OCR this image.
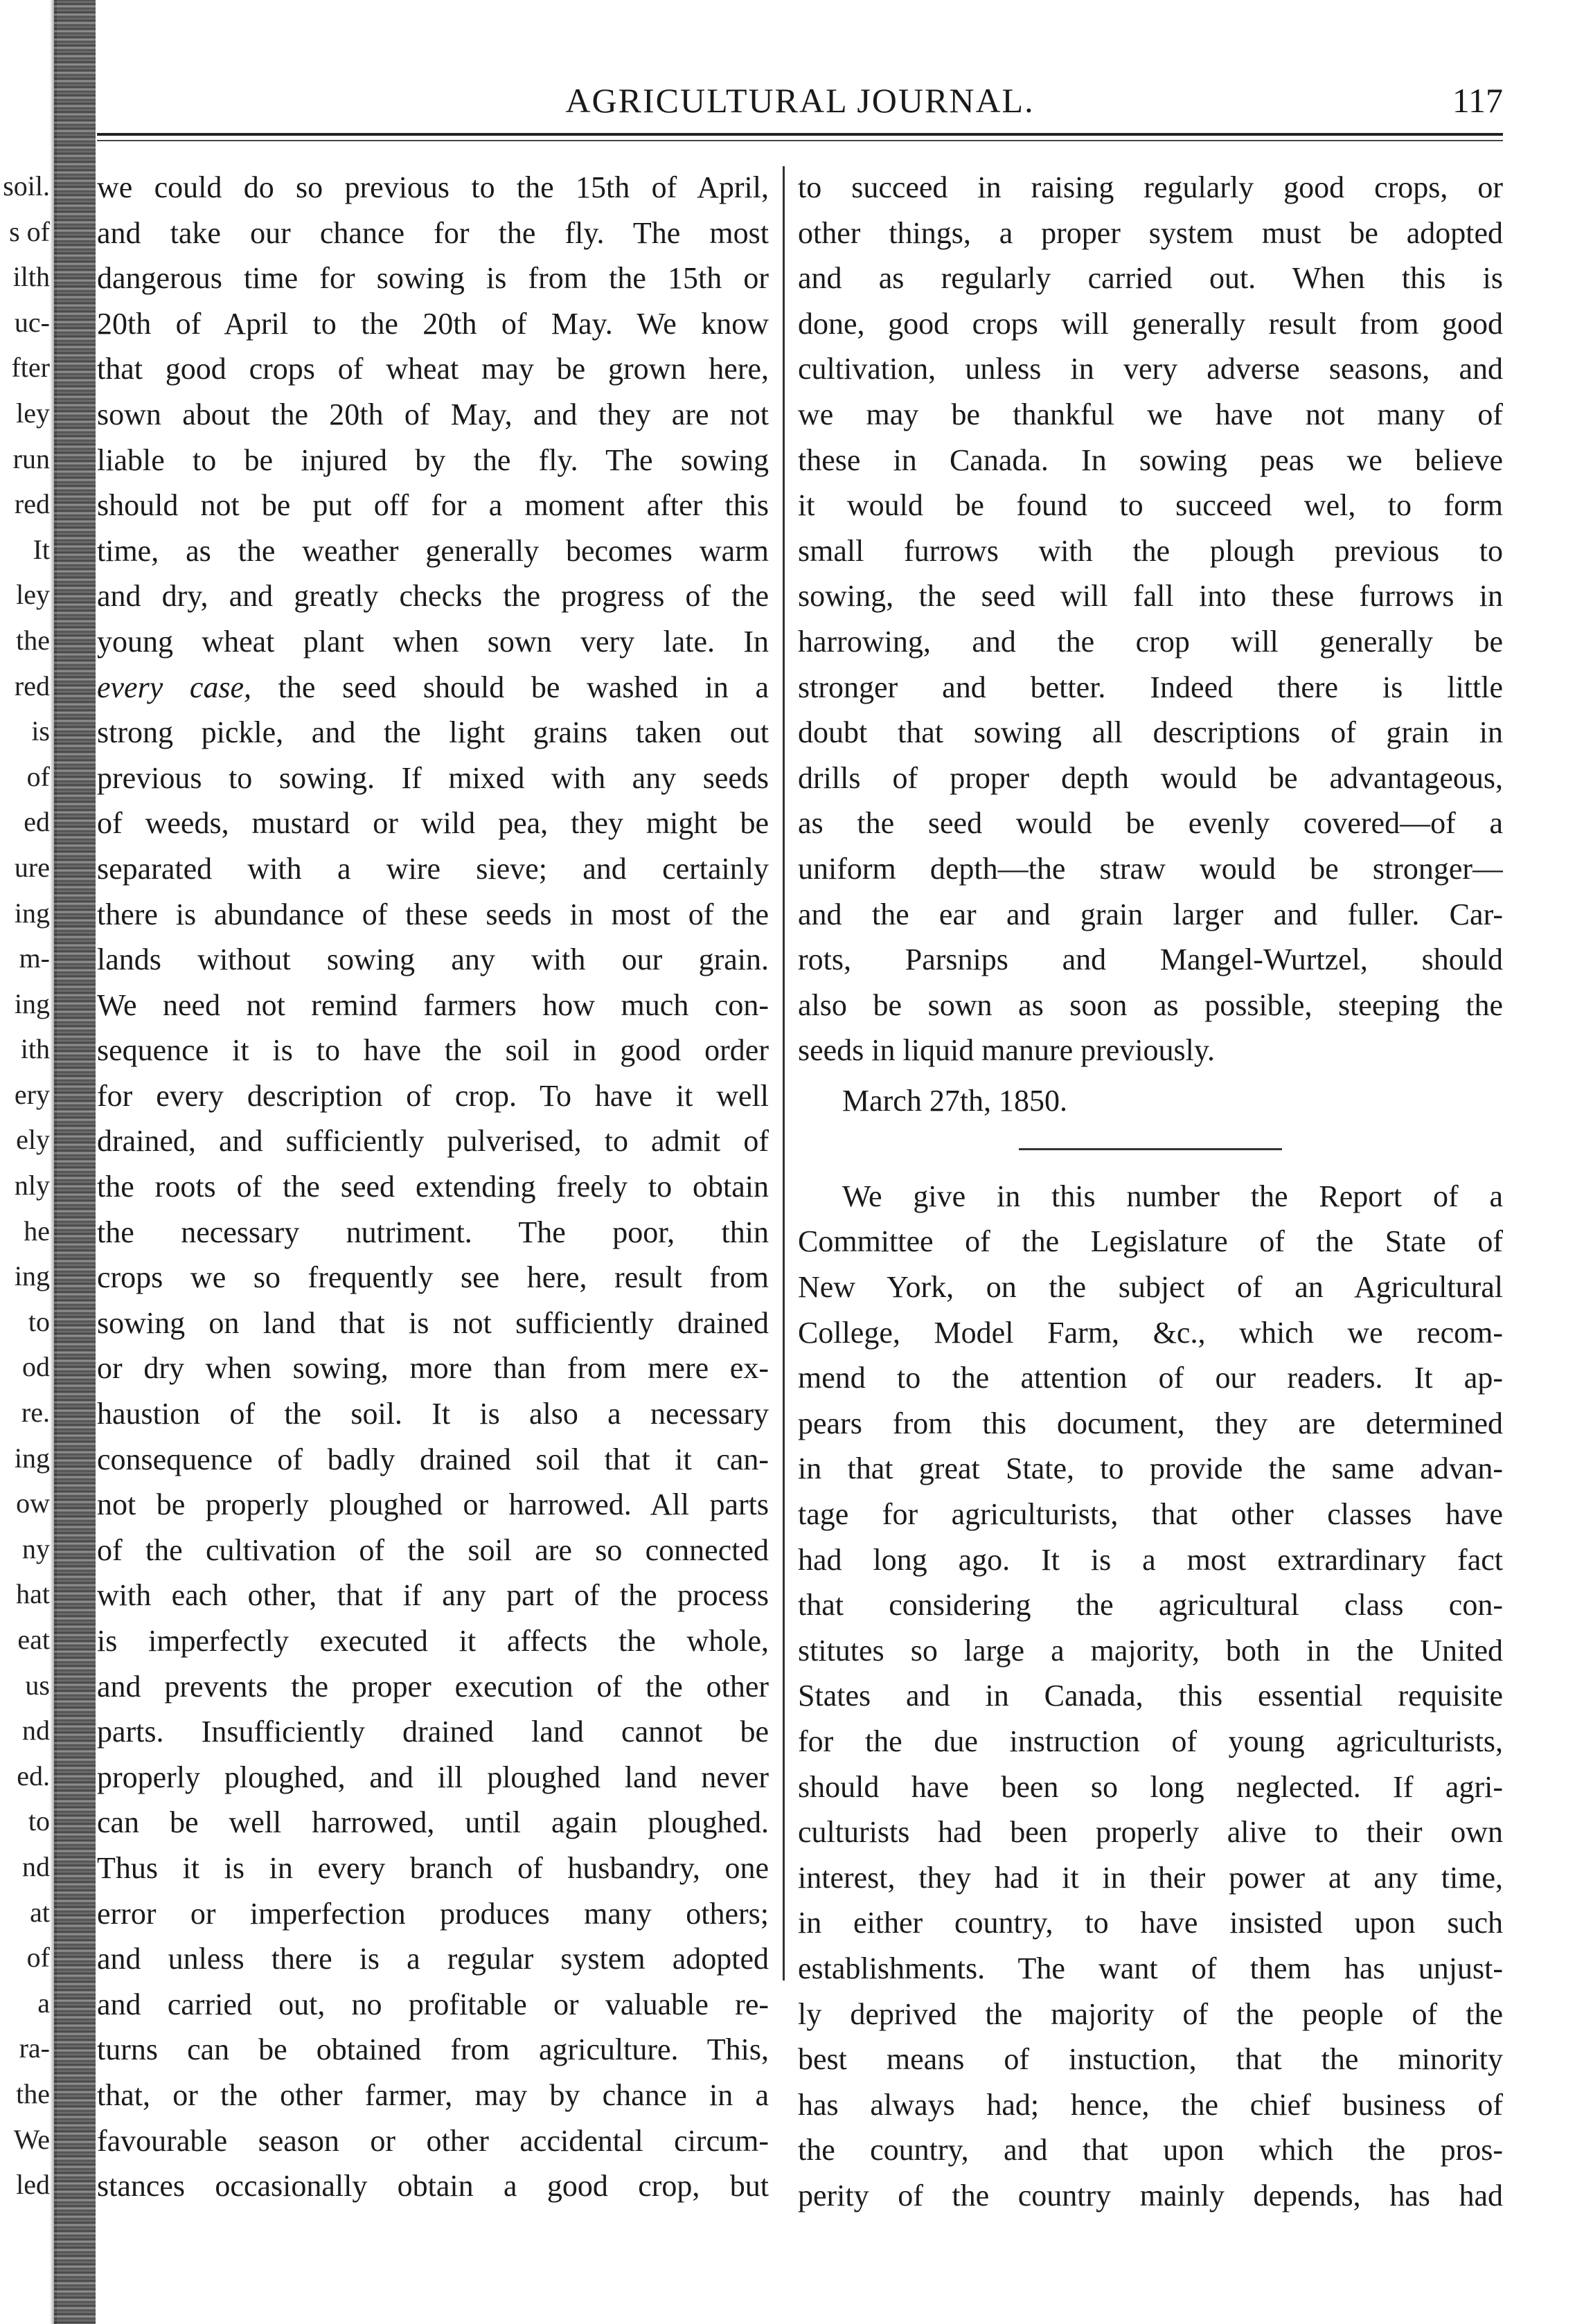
soil.
s of
ilth
uc-
fter
ley
run
red
It
ley
the
red
is
of
ed
ure
ing
m-
ing
ith
ery
ely
nly
he
ing
to
od
re.
ing
ow
ny
hat
eat
us
nd
ed.
to
nd
at
of
a
ra-
the
We
led
AGRICULTURAL JOURNAL.	117
we could do so previous to the 15th of April,
and take our chance for the fly. The most
dangerous time for sowing is from the 15th or
20th of April to the 20th of May. We know
that good crops of wheat may be grown here,
sown about the 20th of May, and they are not
liable to be injured by the fly. The sowing
should not be put off for a moment after this
time, as the weather generally becomes warm
and dry, and greatly checks the progress of the
young wheat plant when sown very late. In
every case, the seed should be washed in a
strong pickle, and the light grains taken out
previous to sowing. If mixed with any seeds
of weeds, mustard or wild pea, they might be
separated with a wire sieve; and certainly
there is abundance of these seeds in most of the
lands without sowing any with our grain.
We need not remind farmers how much con-
sequence it is to have the soil in good order
for every description of crop. To have it well
drained, and sufficiently pulverised, to admit of
the roots of the seed extending freely to obtain
the necessary nutriment. The poor, thin
crops we so frequently see here, result from
sowing on land that is not sufficiently drained
or dry when sowing, more than from mere ex-
haustion of the soil. It is also a necessary
consequence of badly drained soil that it can-
not be properly ploughed or harrowed. All parts
of the cultivation of the soil are so connected
with each other, that if any part of the process
is imperfectly executed it affects the whole,
and prevents the proper execution of the other
parts. Insufficiently drained land cannot be
properly ploughed, and ill ploughed land never
can be well harrowed, until again ploughed.
Thus it is in every branch of husbandry, one
error or imperfection produces many others;
and unless there is a regular system adopted
and carried out, no profitable or valuable re-
turns can be obtained from agriculture. This,
that, or the other farmer, may by chance in a
favourable season or other accidental circum-
stances occasionally obtain a good crop, but
to succeed in raising regularly good crops, or
other things, a proper system must be adopted
and as regularly carried out. When this is
done, good crops will generally result from good
cultivation, unless in very adverse seasons, and
we may be thankful we have not many of
these in Canada. In sowing peas we believe
it would be found to succeed wel, to form
small furrows with the plough previous to
sowing, the seed will fall into these furrows in
harrowing, and the crop will generally be
stronger and better. Indeed there is little
doubt that sowing all descriptions of grain in
drills of proper depth would be advantageous,
as the seed would be evenly covered—of a
uniform depth—the straw would be stronger—
and the ear and grain larger and fuller. Car-
rots, Parsnips and Mangel-Wurtzel, should
also be sown as soon as possible, steeping the
seeds in liquid manure previously.
March 27th, 1850.
We give in this number the Report of a
Committee of the Legislature of the State of
New York, on the subject of an Agricultural
College, Model Farm, &c., which we recom-
mend to the attention of our readers. It ap-
pears from this document, they are determined
in that great State, to provide the same advan-
tage for agriculturists, that other classes have
had long ago. It is a most extrardinary fact
that considering the agricultural class con-
stitutes so large a majority, both in the United
States and in Canada, this essential requisite
for the due instruction of young agriculturists,
should have been so long neglected. If agri-
culturists had been properly alive to their own
interest, they had it in their power at any time,
in either country, to have insisted upon such
establishments. The want of them has unjust-
ly deprived the majority of the people of the
best means of instuction, that the minority
has always had; hence, the chief business of
the country, and that upon which the pros-
perity of the country mainly depends, has had
